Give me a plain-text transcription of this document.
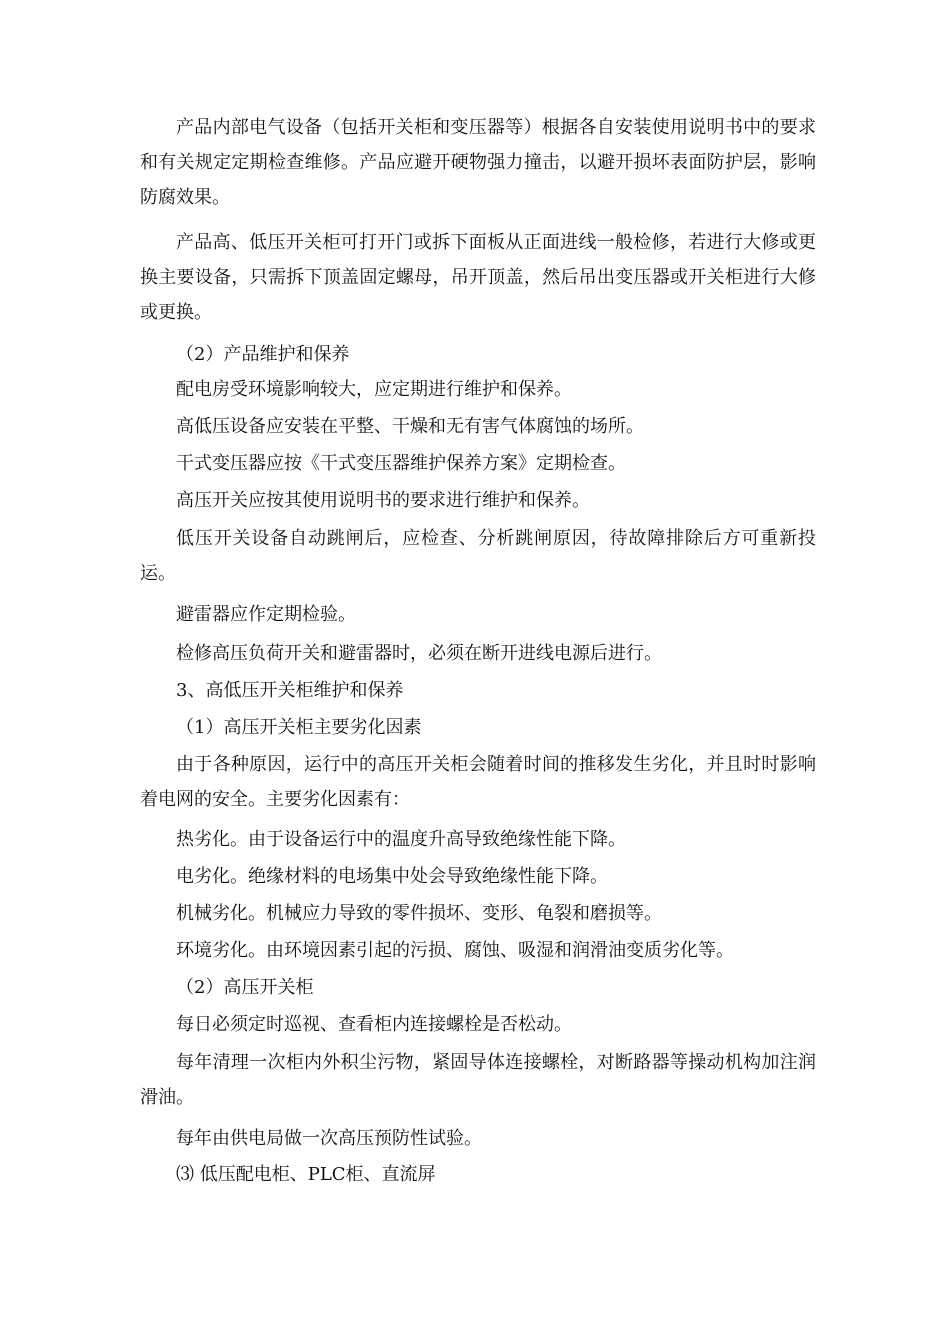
产品内部电气设备（包括开关柜和变压器等）根据各自安装使用说明书中的要求和有关规定定期检查维修。产品应避开硬物强力撞击，以避开损坏表面防护层，影响防腐效果。

产品高、低压开关柜可打开门或拆下面板从正面进线一般检修，若进行大修或更换主要设备，只需拆下顶盖固定螺母，吊开顶盖，然后吊出变压器或开关柜进行大修或更换。

（2）产品维护和保养

配电房受环境影响较大，应定期进行维护和保养。

高低压设备应安装在平整、干燥和无有害气体腐蚀的场所。

干式变压器应按《干式变压器维护保养方案》定期检查。

高压开关应按其使用说明书的要求进行维护和保养。

低压开关设备自动跳闸后，应检查、分析跳闸原因，待故障排除后方可重新投运。

避雷器应作定期检验。

检修高压负荷开关和避雷器时，必须在断开进线电源后进行。

3、高低压开关柜维护和保养

（1）高压开关柜主要劣化因素

由于各种原因，运行中的高压开关柜会随着时间的推移发生劣化，并且时时影响着电网的安全。主要劣化因素有：

热劣化。由于设备运行中的温度升高导致绝缘性能下降。

电劣化。绝缘材料的电场集中处会导致绝缘性能下降。

机械劣化。机械应力导致的零件损坏、变形、龟裂和磨损等。

环境劣化。由环境因素引起的污损、腐蚀、吸湿和润滑油变质劣化等。

（2）高压开关柜

每日必须定时巡视、查看柜内连接螺栓是否松动。

每年清理一次柜内外积尘污物，紧固导体连接螺栓，对断路器等操动机构加注润滑油。

每年由供电局做一次高压预防性试验。

⑶ 低压配电柜、PLC柜、直流屏
